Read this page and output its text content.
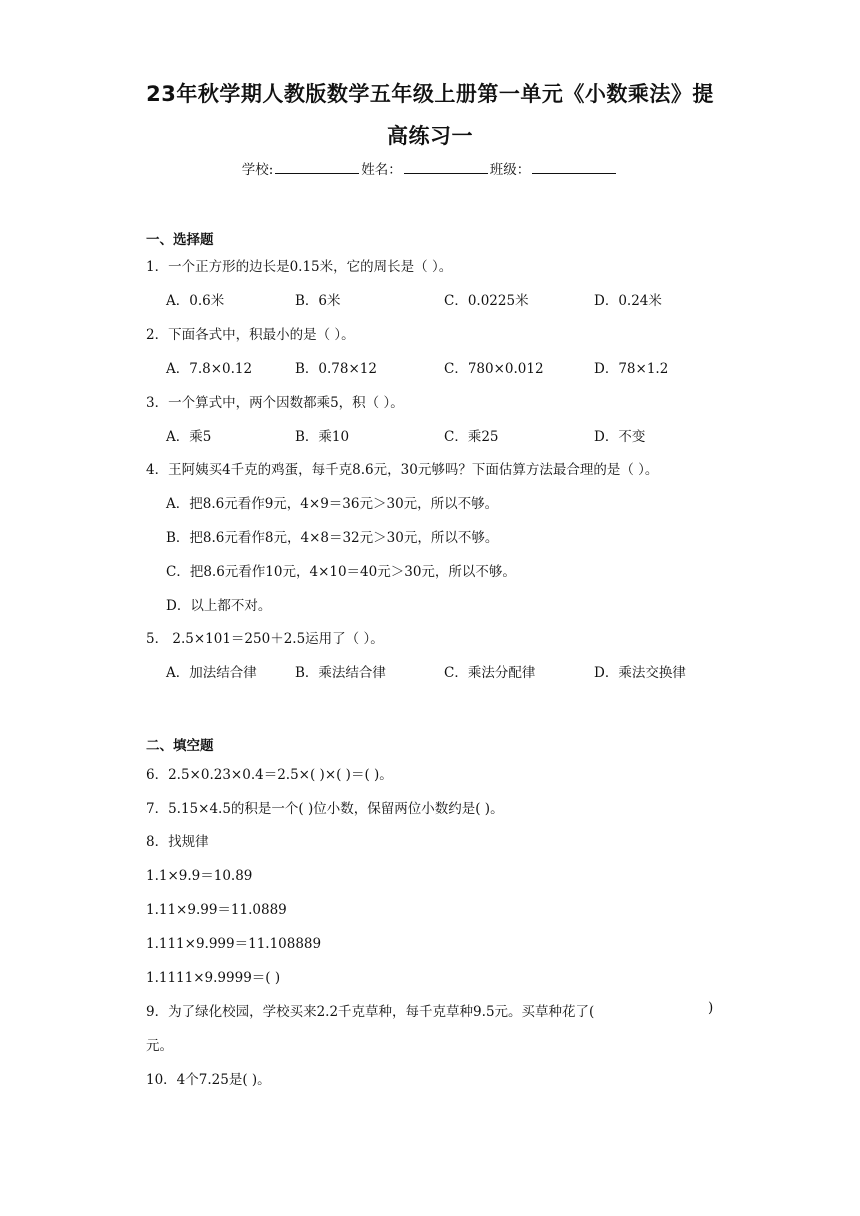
23年秋学期人教版数学五年级上册第一单元《小数乘法》提
高练习一
学校:	姓名：	班级：
一、选择题
1．一个正方形的边长是0.15米，它的周长是（ ）。
A．0.6米	B．6米	C．0.0225米	D．0.24米
2．下面各式中，积最小的是（ ）。
A．7.8×0.12	B．0.78×12	C．780×0.012	D．78×1.2
3．一个算式中，两个因数都乘5，积（ ）。
A．乘5	B．乘10	C．乘25	D．不变
4．王阿姨买4千克的鸡蛋，每千克8.6元，30元够吗？下面估算方法最合理的是（ ）。
A．把8.6元看作9元，4×9＝36元＞30元，所以不够。
B．把8.6元看作8元，4×8＝32元＞30元，所以不够。
C．把8.6元看作10元，4×10＝40元＞30元，所以不够。
D．以上都不对。
5． 2.5×101＝250＋2.5运用了（ ）。
A．加法结合律	B．乘法结合律	C．乘法分配律	D．乘法交换律
二、填空题
6．2.5×0.23×0.4＝2.5×( )×( )＝( )。
7．5.15×4.5的积是一个( )位小数，保留两位小数约是( )。
8．找规律
1.1×9.9＝10.89
1.11×9.99＝11.0889
1.111×9.999＝11.108889
1.1111×9.9999＝( )
9．为了绿化校园，学校买来2.2千克草种，每千克草种9.5元。买草种花了(	)
元。
10．4个7.25是( )。
